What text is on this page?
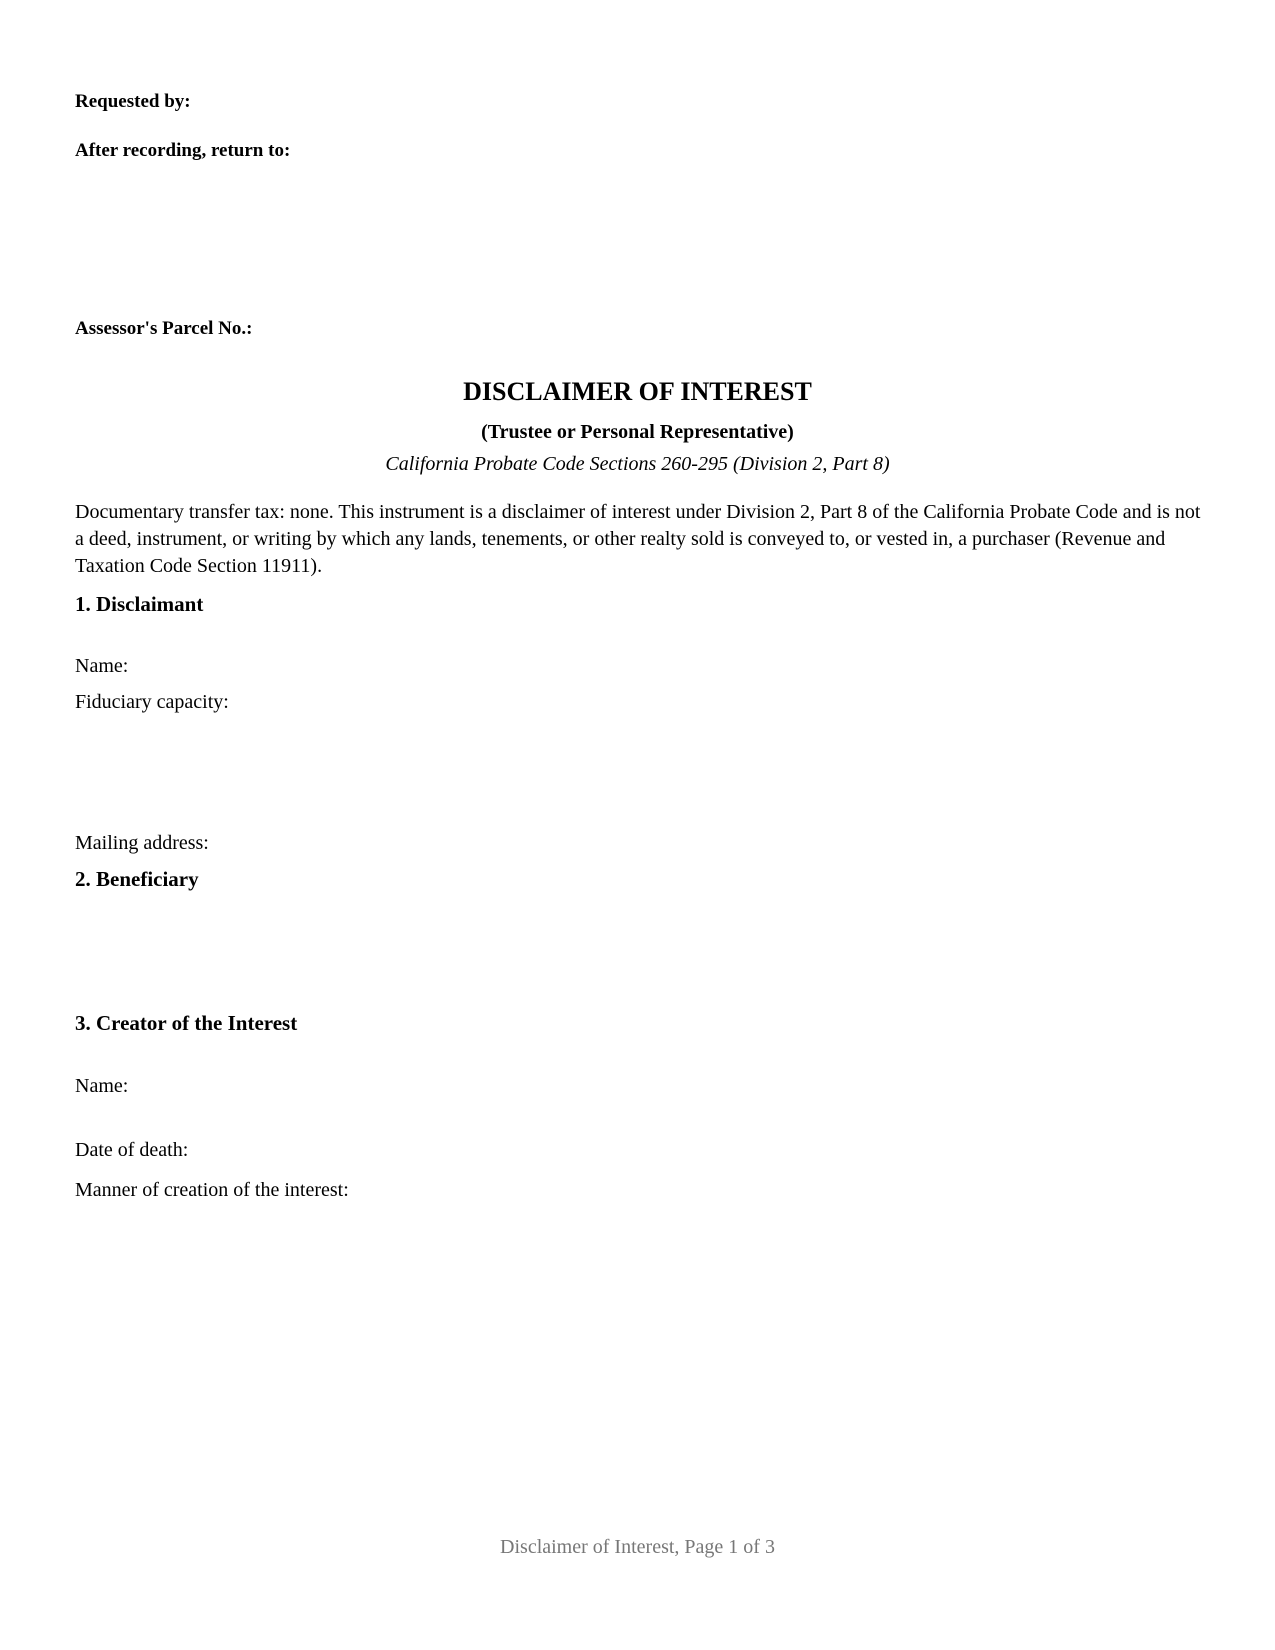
Requested by:
After recording, return to:
Assessor's Parcel No.:
DISCLAIMER OF INTEREST
(Trustee or Personal Representative)
California Probate Code Sections 260-295 (Division 2, Part 8)
Documentary transfer tax: none. This instrument is a disclaimer of interest under Division 2, Part 8 of the California Probate Code and is not a deed, instrument, or writing by which any lands, tenements, or other realty sold is conveyed to, or vested in, a purchaser (Revenue and Taxation Code Section 11911).
1. Disclaimant
Name:
Fiduciary capacity:
Mailing address:
2. Beneficiary
3. Creator of the Interest
Name:
Date of death:
Manner of creation of the interest:
Disclaimer of Interest, Page 1 of 3
